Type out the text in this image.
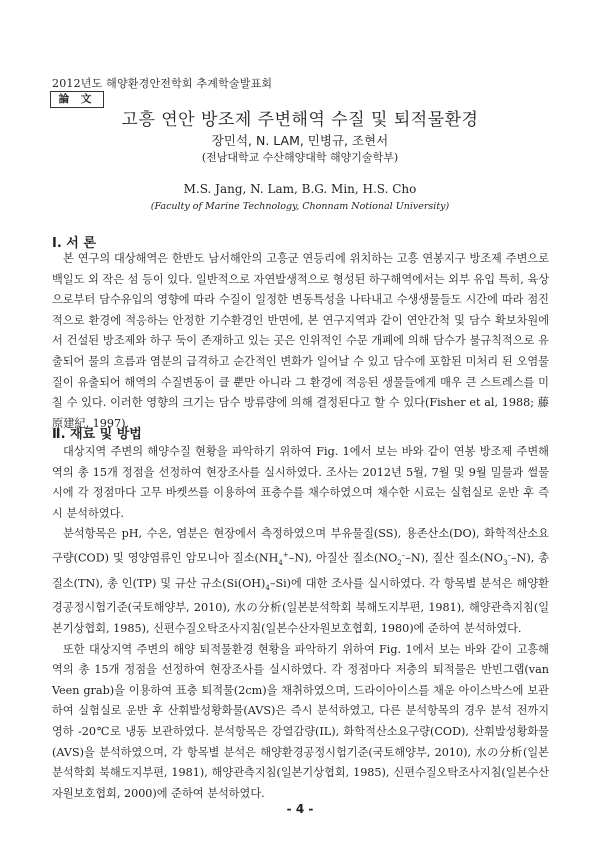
2012년도 해양환경안전학회 추계학술발표회
論 文
고흥 연안 방조제 주변해역 수질 및 퇴적물환경
장민석, N. LAM, 민병규, 조현서
(전남대학교 수산해양대학 해양기술학부)
M.S. Jang, N. Lam, B.G. Min, H.S. Cho
(Faculty of Marine Technology, Chonnam Notional University)
Ⅰ. 서 론

본 연구의 대상해역은 한반도 남서해안의 고흥군 연등리에 위치하는 고흥 연봉지구 방조제 주변으로 백일도 외 작은 섬 등이 있다. 일반적으로 자연발생적으로 형성된 하구해역에서는 외부 유입 특히, 육상으로부터 담수유입의 영향에 따라 수질이 일정한 변동특성을 나타내고 수생생물들도 시간에 따라 점진적으로 환경에 적응하는 안정한 기수환경인 반면에, 본 연구지역과 같이 연안간척 및 담수 확보차원에서 건설된 방조제와 하구 둑이 존재하고 있는 곳은 인위적인 수문 개폐에 의해 담수가 불규칙적으로 유출되어 물의 흐름과 염분의 급격하고 순간적인 변화가 일어날 수 있고 담수에 포함된 미처리 된 오염물질이 유출되어 해역의 수질변동이 클 뿐만 아니라 그 환경에 적응된 생물들에게 매우 큰 스트레스를 미칠 수 있다. 이러한 영향의 크기는 담수 방류량에 의해 결정된다고 할 수 있다(Fisher et al, 1988; 藤原建紀, 1997).

Ⅱ. 재료 및 방법

대상지역 주변의 해양수질 현황을 파악하기 위하여 Fig. 1에서 보는 바와 같이 연봉 방조제 주변해역의 총 15개 정점을 선정하여 현장조사를 실시하였다. 조사는 2012년 5월, 7월 및 9월 밀물과 썰물시에 각 정점마다 고무 바켓쓰를 이용하여 표층수를 채수하였으며 채수한 시료는 실험실로 운반 후 즉시 분석하였다.

분석항목은 pH, 수온, 염분은 현장에서 측정하였으며 부유물질(SS), 용존산소(DO), 화학적산소요구량(COD) 및 영양염류인 암모니아 질소$(NH_4^+-N)$, 아질산 질소$(NO_2^--N)$, 질산 질소$(NO_3^--N)$, 총질소(TN), 총 인(TP) 및 규산 규소$(Si(OH)_4-Si)$에 대한 조사를 실시하였다. 각 항목별 분석은 해양환경공정시험기준(국토해양부, 2010), 水の分析(일본분석학회 북해도지부편, 1981), 해양관측지침(일본기상협회, 1985), 신편수질오탁조사지침(일본수산자원보호협회, 1980)에 준하여 분석하였다.

또한 대상지역 주변의 해양 퇴적물환경 현황을 파악하기 위하여 Fig. 1에서 보는 바와 같이 고흥해역의 총 15개 정점을 선정하여 현장조사를 실시하였다. 각 정점마다 저층의 퇴적물은 반빈그랩(van Veen grab)을 이용하여 표층 퇴적물(2cm)을 채취하였으며, 드라이아이스를 채운 아이스박스에 보관하여 실험실로 운반 후 산휘발성황화물(AVS)은 즉시 분석하였고, 다른 분석항목의 경우 분석 전까지 영하 -20℃로 냉동 보관하였다. 분석항목은 강열감량(IL), 화학적산소요구량(COD), 산휘발성황화물(AVS)을 분석하였으며, 각 항목별 분석은 해양환경공정시험기준(국토해양부, 2010), 水の分析(일본분석학회 북해도지부편, 1981), 해양관측지침(일본기상협회, 1985), 신편수질오탁조사지침(일본수산자원보호협회, 2000)에 준하여 분석하였다.

- 4 -
